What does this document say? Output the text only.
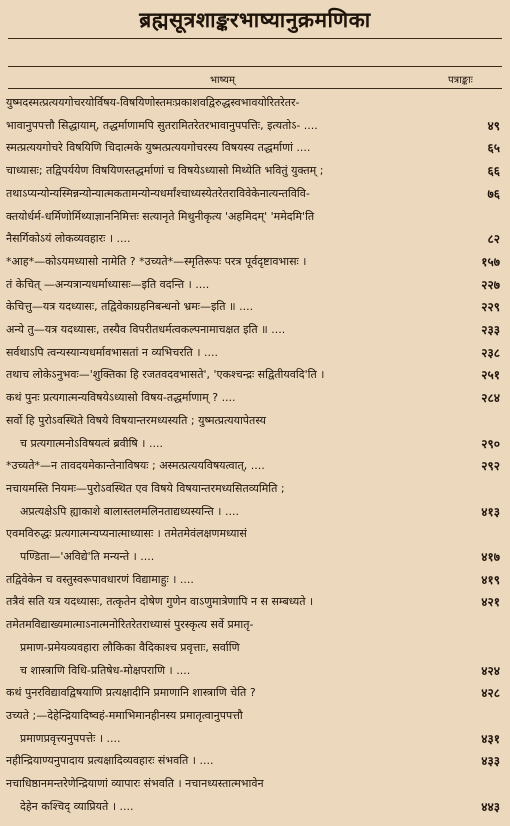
ब्रह्मसूत्रशाङ्करभाष्यानुक्रमणिका
भाष्यम्	पत्राङ्काः
युष्मदस्मत्प्रत्ययगोचरयोर्विषय-विषयिणोस्तमःप्रकाशवद्विरुद्धस्वभावयोरितरेतर-
भावानुपपत्तौ सिद्धायाम्‌, तद्धर्माणामपि सुतरामितरेतरभावानुपपत्तिः, इत्यतोऽ- ....	४९
स्मत्प्रत्ययगोचरे विषयिणि चिदात्मके युष्मत्प्रत्ययगोचरस्य विषयस्य तद्धर्माणां ....	६५
चाध्यासः; तद्विपर्ययेण विषयिणस्तद्धर्माणां च विषयेऽध्यासो मिथ्येति भवितुं युक्तम्‌ ;	६६
तथाऽप्यन्योन्यस्मिन्नन्योन्यात्मकतामन्योन्यधर्मांश्चाध्यस्येतरेतराविवेकेनात्यन्तविवि-	७६
क्तयोर्धर्म-धर्मिणोर्मिथ्याज्ञाननिमित्तः सत्यानृते मिथुनीकृत्य 'अहमिदम्‌' 'ममेदमि'ति
नैसर्गिकोऽयं लोकव्यवहारः । ....	८२
*आह*—कोऽयमध्यासो नामेति ? *उच्यते*—स्मृतिरूपः परत्र पूर्वदृष्टावभासः ।	१५७
तं केचित्‌ —अन्यत्रान्यधर्माध्यासः—इति वदन्ति । ....	२२७
केचित्तु—यत्र यदध्यासः, तद्विवेकाग्रहनिबन्धनो भ्रमः—इति ॥ ....	२२९
अन्ये तु—यत्र यदध्यासः, तस्यैव विपरीतधर्मत्वकल्पनामाचक्षत इति ॥ ....	२३३
सर्वथाऽपि त्वन्यस्यान्यधर्मावभासतां न व्यभिचरति । ....	२३८
तथाच लोकेऽनुभवः—'शुक्तिका हि रजतवदवभासते', 'एकश्चन्द्रः सद्वितीयवदि'ति ।	२५१
कथं पुनः प्रत्यगात्मन्यविषयेऽध्यासो विषय-तद्धर्माणाम्‌ ? ....	२८४
सर्वो हि पुरोऽवस्थिते विषये विषयान्तरमध्यस्यति ; युष्मत्प्रत्ययापेतस्य
च प्रत्यगात्मनोऽविषयत्वं ब्रवीषि । ....	२९०
*उच्यते*—न तावदयमेकान्तेनाविषयः ; अस्मत्प्रत्ययविषयत्वात्‌, ....	२९२
नचायमस्ति नियमः—पुरोऽवस्थित एव विषये विषयान्तरमध्यसितव्यमिति ;
अप्रत्यक्षेऽपि ह्याकाशे बालास्तलमलिनताद्यध्यस्यन्ति । ....	४१३
एवमविरुद्धः प्रत्यगात्मन्यप्यनात्माध्यासः । तमेतमेवंलक्षणमध्यासं
पण्डिता—'अविद्ये'ति मन्यन्ते । ....	४१७
तद्विवेकेन च वस्तुस्वरूपावधारणं विद्यामाहुः । ....	४१९
तत्रैवं सति यत्र यदध्यासः, तत्कृतेन दोषेण गुणेन वाऽणुमात्रेणापि न स सम्बध्यते ।	४२१
तमेतमविद्याख्यमात्माऽनात्मनोरितरेतराध्यासं पुरस्कृत्य सर्वे प्रमातृ-
प्रमाण-प्रमेयव्यवहारा लौकिका वैदिकाश्च प्रवृत्ताः, सर्वाणि
च शास्त्राणि विधि-प्रतिषेध-मोक्षपराणि । ....	४२४
कथं पुनरविद्यावद्विषयाणि प्रत्यक्षादीनि प्रमाणानि शास्त्राणि चेति ?	४२८
उच्यते ;—देहेन्द्रियादिष्वहं-ममाभिमानहीनस्य प्रमातृत्वानुपपत्तौ
प्रमाणप्रवृत्त्यनुपपत्तेः । ....	४३१
नहीन्द्रियाण्यनुपादाय प्रत्यक्षादिव्यवहारः संभवति । ....	४३३
नचाधिष्ठानमन्तरेणेन्द्रियाणां व्यापारः संभवति । नचानध्यस्तात्मभावेन
देहेन कश्चिद्‌ व्याप्रियते । ....	४४३
